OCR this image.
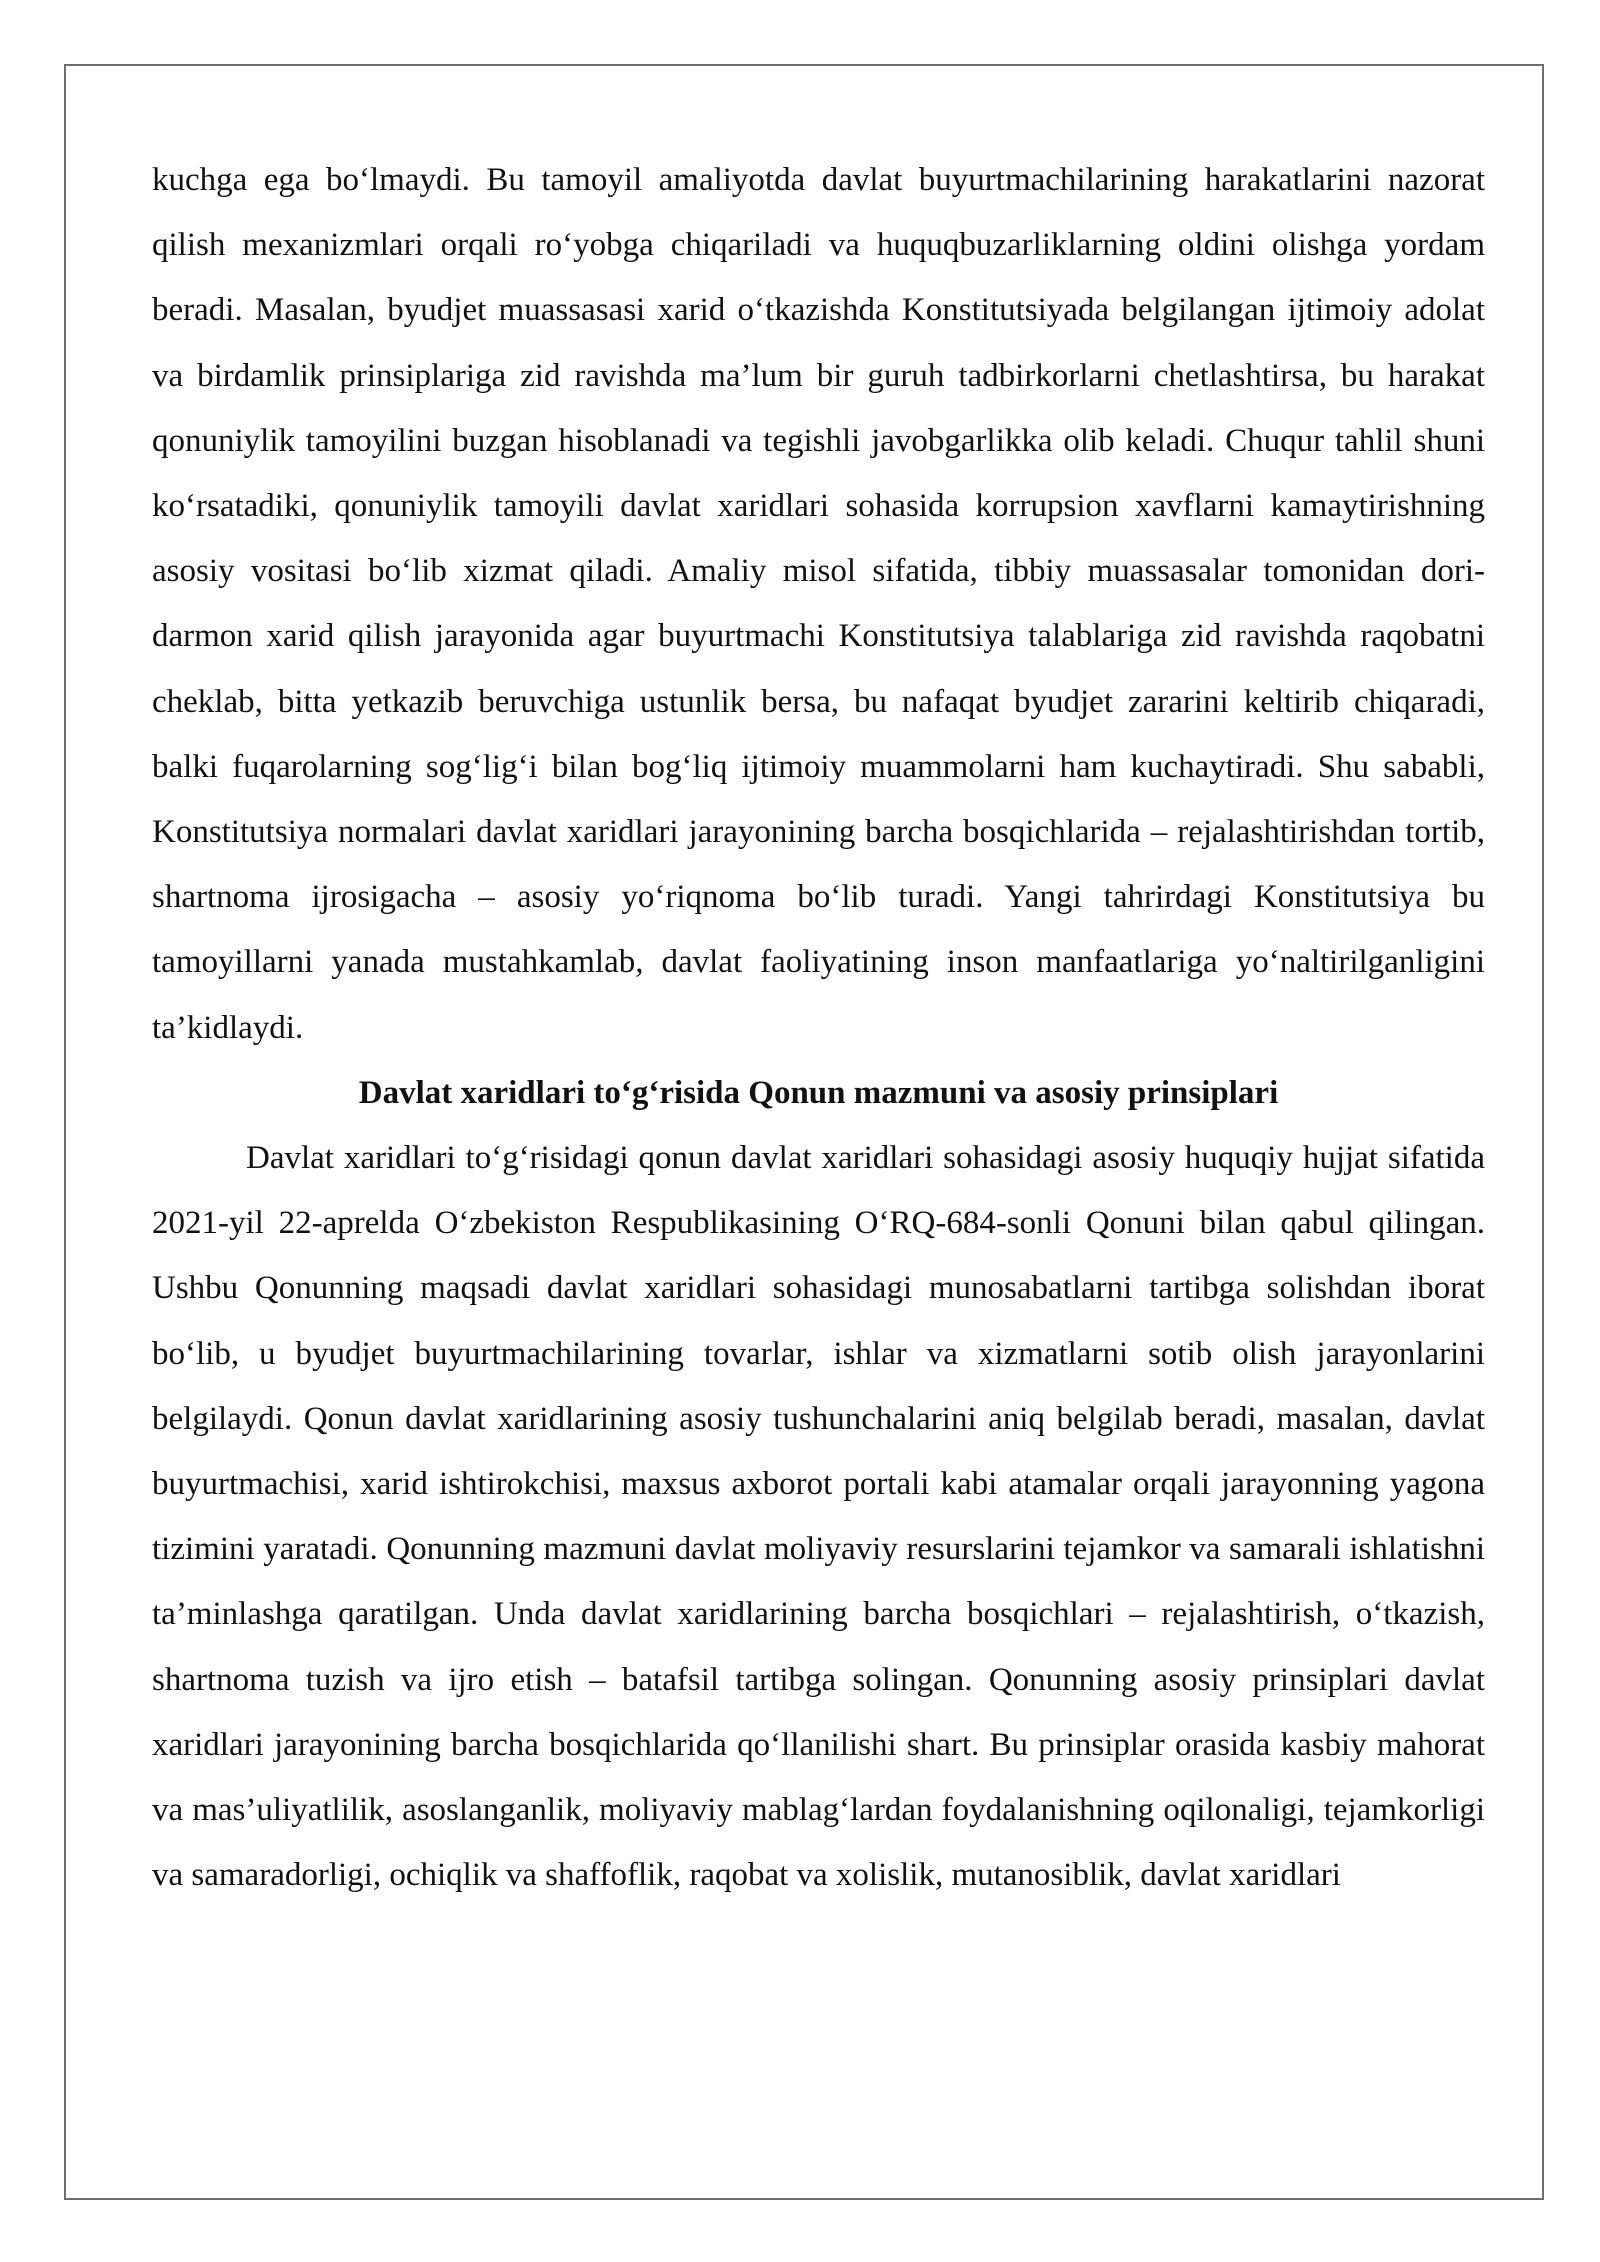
kuchga ega bo‘lmaydi. Bu tamoyil amaliyotda davlat buyurtmachilarining harakatlarini nazorat qilish mexanizmlari orqali ro‘yobga chiqariladi va huquqbuzarliklarning oldini olishga yordam beradi. Masalan, byudjet muassasasi xarid o‘tkazishda Konstitutsiyada belgilangan ijtimoiy adolat va birdamlik prinsiplariga zid ravishda ma’lum bir guruh tadbirkorlarni chetlashtirsa, bu harakat qonuniylik tamoyilini buzgan hisoblanadi va tegishli javobgarlikka olib keladi. Chuqur tahlil shuni ko‘rsatadiki, qonuniylik tamoyili davlat xaridlari sohasida korrupsion xavflarni kamaytirishning asosiy vositasi bo‘lib xizmat qiladi. Amaliy misol sifatida, tibbiy muassasalar tomonidan dori-darmon xarid qilish jarayonida agar buyurtmachi Konstitutsiya talablariga zid ravishda raqobatni cheklab, bitta yetkazib beruvchiga ustunlik bersa, bu nafaqat byudjet zararini keltirib chiqaradi, balki fuqarolarning sog‘lig‘i bilan bog‘liq ijtimoiy muammolarni ham kuchaytiradi. Shu sababli, Konstitutsiya normalari davlat xaridlari jarayonining barcha bosqichlarida – rejalashtirishdan tortib, shartnoma ijrosigacha – asosiy yo‘riqnoma bo‘lib turadi. Yangi tahrirdagi Konstitutsiya bu tamoyillarni yanada mustahkamlab, davlat faoliyatining inson manfaatlariga yo‘naltirilganligini ta’kidlaydi.

Davlat xaridlari to‘g‘risida Qonun mazmuni va asosiy prinsiplari

Davlat xaridlari to‘g‘risidagi qonun davlat xaridlari sohasidagi asosiy huquqiy hujjat sifatida 2021-yil 22-aprelda O‘zbekiston Respublikasining O‘RQ-684-sonli Qonuni bilan qabul qilingan. Ushbu Qonunning maqsadi davlat xaridlari sohasidagi munosabatlarni tartibga solishdan iborat bo‘lib, u byudjet buyurtmachilarining tovarlar, ishlar va xizmatlarni sotib olish jarayonlarini belgilaydi. Qonun davlat xaridlarining asosiy tushunchalarini aniq belgilab beradi, masalan, davlat buyurtmachisi, xarid ishtirokchisi, maxsus axborot portali kabi atamalar orqali jarayonning yagona tizimini yaratadi. Qonunning mazmuni davlat moliyaviy resurslarini tejamkor va samarali ishlatishni ta’minlashga qaratilgan. Unda davlat xaridlarining barcha bosqichlari – rejalashtirish, o‘tkazish, shartnoma tuzish va ijro etish – batafsil tartibga solingan. Qonunning asosiy prinsiplari davlat xaridlari jarayonining barcha bosqichlarida qo‘llanilishi shart. Bu prinsiplar orasida kasbiy mahorat va mas’uliyatlilik, asoslanganlik, moliyaviy mablag‘lardan foydalanishning oqilonaligi, tejamkorligi va samaradorligi, ochiqlik va shaffoflik, raqobat va xolislik, mutanosiblik, davlat xaridlari
